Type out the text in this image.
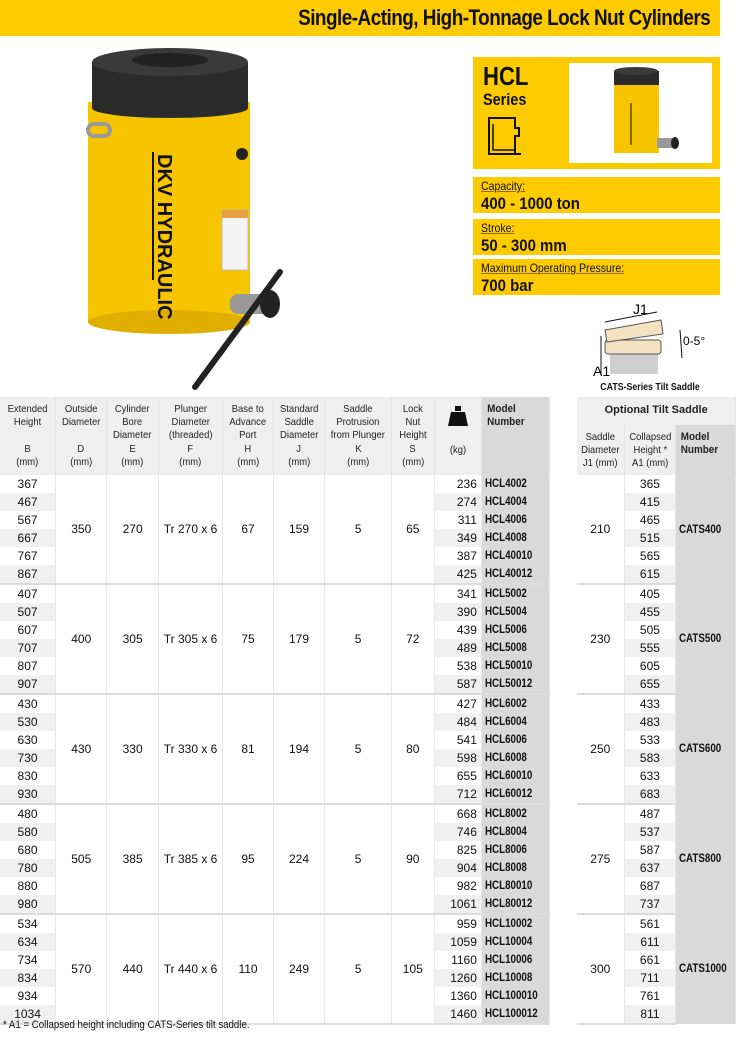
Single-Acting, High-Tonnage Lock Nut Cylinders
DKV HYDRAULIC
HCL
Series
Capacity:
400 - 1000 ton
Stroke:
50 - 300 mm
Maximum Operating Pressure:
700 bar
J1
0-5°
A1
CATS-Series Tilt Saddle
Extended Height
B
(mm)	Outside Diameter
D
(mm)	Cylinder Bore Diameter
E
(mm)	Plunger Diameter (threaded)
F
(mm)	Base to Advance Port
H
(mm)	Standard Saddle Diameter
J
(mm)	Saddle Protrusion from Plunger
K
(mm)	Lock Nut Height
S
(mm)	(kg)	Model Number
367	350	270	Tr 270 x 6	67	159	5	65	236	HCL4002
467								274	HCL4004
567								311	HCL4006
667								349	HCL4008
767								387	HCL40010
867								425	HCL40012
407	400	305	Tr 305 x 6	75	179	5	72	341	HCL5002
507								390	HCL5004
607								439	HCL5006
707								489	HCL5008
807								538	HCL50010
907								587	HCL50012
430	430	330	Tr 330 x 6	81	194	5	80	427	HCL6002
530								484	HCL6004
630								541	HCL6006
730								598	HCL6008
830								655	HCL60010
930								712	HCL60012
480	505	385	Tr 385 x 6	95	224	5	90	668	HCL8002
580								746	HCL8004
680								825	HCL8006
780								904	HCL8008
880								982	HCL80010
980								1061	HCL80012
534	570	440	Tr 440 x 6	110	249	5	105	959	HCL10002
634								1059	HCL10004
734								1160	HCL10006
834								1260	HCL10008
934								1360	HCL100010
1034								1460	HCL100012
Optional Tilt Saddle		
Saddle Diameter
J1 (mm)	Collapsed Height *
A1 (mm)	Model Number
210	365	CATS400
	415	
	465	
	515	
	565	
	615	
230	405	CATS500
	455	
	505	
	555	
	605	
	655	
250	433	CATS600
	483	
	533	
	583	
	633	
	683	
275	487	CATS800
	537	
	587	
	637	
	687	
	737	
300	561	CATS1000
	611	
	661	
	711	
	761	
	811	
* A1 = Collapsed height including CATS-Series tilt saddle.
